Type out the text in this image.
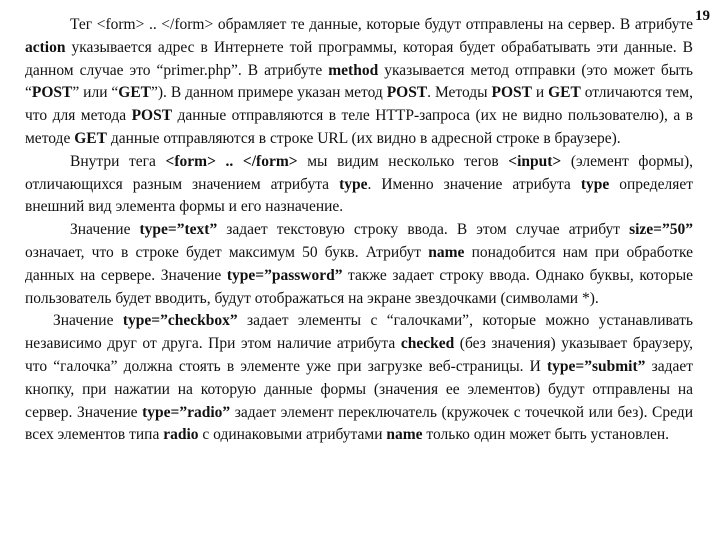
19

Тег <form> .. </form> обрамляет те данные, которые будут отправлены на сервер. В атрибуте action указывается адрес в Интернете той программы, которая будет обрабатывать эти данные. В данном случае это “primer.php”. В атрибуте method указывается метод отправки (это может быть “POST” или “GET”). В данном примере указан метод POST. Методы POST и GET отличаются тем, что для метода POST данные отправляются в теле HTTP-запроса (их не видно пользователю), а в методе GET данные отправляются в строке URL (их видно в адресной строке в браузере).

Внутри тега <form> .. </form> мы видим несколько тегов <input> (элемент формы), отличающихся разным значением атрибута type. Именно значение атрибута type определяет внешний вид элемента формы и его назначение.

Значение type=”text” задает текстовую строку ввода. В этом случае атрибут size=”50” означает, что в строке будет максимум 50 букв. Атрибут name понадобится нам при обработке данных на сервере. Значение type=”password” также задает строку ввода. Однако буквы, которые пользователь будет вводить, будут отображаться на экране звездочками (символами *).

Значение type=”checkbox” задает элементы с “галочками”, которые можно устанавливать независимо друг от друга. При этом наличие атрибута checked (без значения) указывает браузеру, что “галочка” должна стоять в элементе уже при загрузке веб-страницы. И type=”submit” задает кнопку, при нажатии на которую данные формы (значения ее элементов) будут отправлены на сервер. Значение type=”radio” задает элемент переключатель (кружочек с точечкой или без). Среди всех элементов типа radio с одинаковыми атрибутами name только один может быть установлен.
